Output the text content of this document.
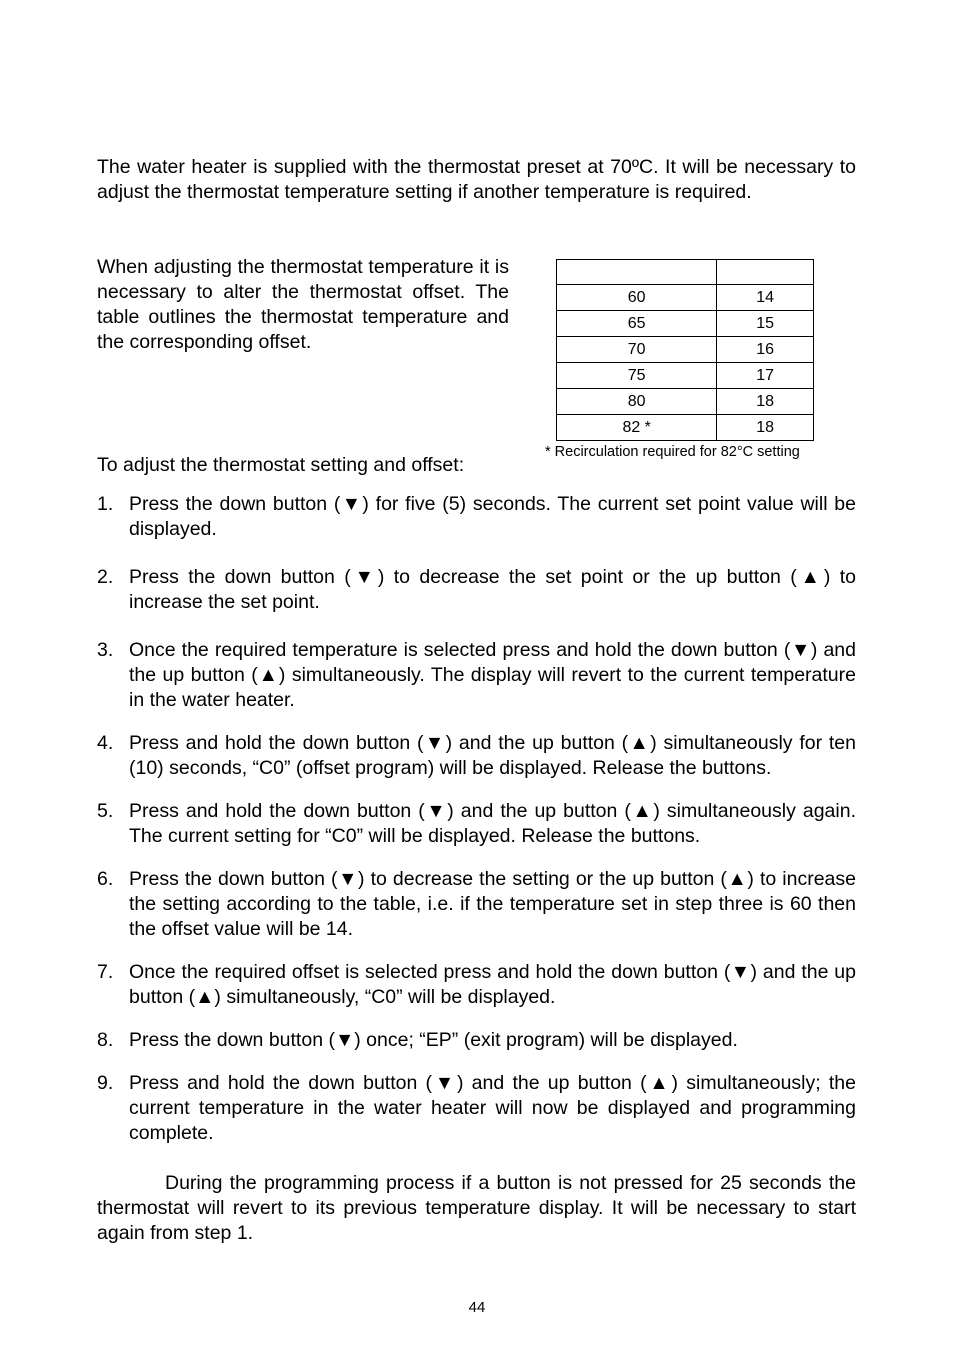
The water heater is supplied with the thermostat preset at 70ºC. It will be necessary to adjust the thermostat temperature setting if another temperature is required.

When adjusting the thermostat temperature it is necessary to alter the thermostat offset. The table outlines the thermostat temperature and the corresponding offset.

60	14
65	15
70	16
75	17
80	18
82 *	18
* Recirculation required for 82°C setting

To adjust the thermostat setting and offset:

1. Press the down button (▼) for five (5) seconds. The current set point value will be displayed.
2. Press the down button (▼) to decrease the set point or the up button (▲) to increase the set point.
3. Once the required temperature is selected press and hold the down button (▼) and the up button (▲) simultaneously. The display will revert to the current temperature in the water heater.
4. Press and hold the down button (▼) and the up button (▲) simultaneously for ten (10) seconds, “C0” (offset program) will be displayed. Release the buttons.
5. Press and hold the down button (▼) and the up button (▲) simultaneously again. The current setting for “C0” will be displayed. Release the buttons.
6. Press the down button (▼) to decrease the setting or the up button (▲) to increase the setting according to the table, i.e. if the temperature set in step three is 60 then the offset value will be 14.
7. Once the required offset is selected press and hold the down button (▼) and the up button (▲) simultaneously, “C0” will be displayed.
8. Press the down button (▼) once; “EP” (exit program) will be displayed.
9. Press and hold the down button (▼) and the up button (▲) simultaneously; the current temperature in the water heater will now be displayed and programming complete.

During the programming process if a button is not pressed for 25 seconds the thermostat will revert to its previous temperature display. It will be necessary to start again from step 1.

44
